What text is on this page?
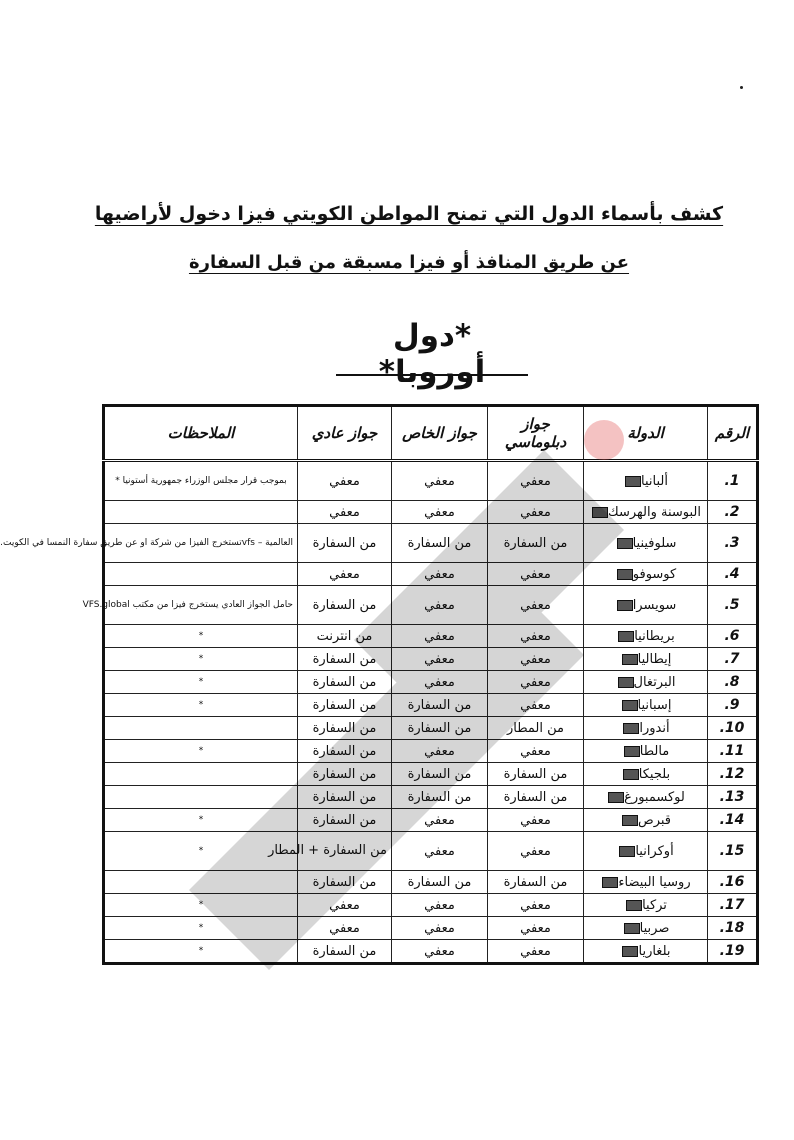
كشف بأسماء الدول التي تمنح المواطن الكويتي فيزا دخول لأراضيها
عن طريق المنافذ أو فيزا مسبقة من قبل السفارة
*دول أوروبا*
الرقم	الدولة	جواز دبلوماسي	جواز الخاص	جواز عادي	الملاحظات
1.	ألبانيا	معفي	معفي	معفي	بموجب قرار مجلس الوزراء جمهورية أستونيا *
2.	البوسنة والهرسك	معفي	معفي	معفي	
3.	سلوفينيا	من السفارة	من السفارة	من السفارة	العالمية – vfsتستخرج الفيزا من شركة او عن طريق سفارة النمسا في الكويت.
4.	كوسوفو	معفي	معفي	معفي	
5.	سويسرا	معفي	معفي	من السفارة	حامل الجواز العادي يستخرج فيزا من مكتب VFS.global
6.	بريطانيا	معفي	معفي	من انترنت	*
7.	إيطاليا	معفي	معفي	من السفارة	*
8.	البرتغال	معفي	معفي	من السفارة	*
9.	إسبانيا	معفي	من السفارة	من السفارة	*
10.	أندورا	من المطار	من السفارة	من السفارة	
11.	مالطا	معفي	معفي	من السفارة	*
12.	بلجيكا	من السفارة	من السفارة	من السفارة	
13.	لوكسمبورغ	من السفارة	من السفارة	من السفارة	
14.	قبرص	معفي	معفي	من السفارة	*
15.	أوكرانيا	معفي	معفي	من السفارة + المطار	*
16.	روسيا البيضاء	من السفارة	من السفارة	من السفارة	
17.	تركيا	معفي	معفي	معفي	*
18.	صربيا	معفي	معفي	معفي	*
19.	بلغاريا	معفي	معفي	من السفارة	*
